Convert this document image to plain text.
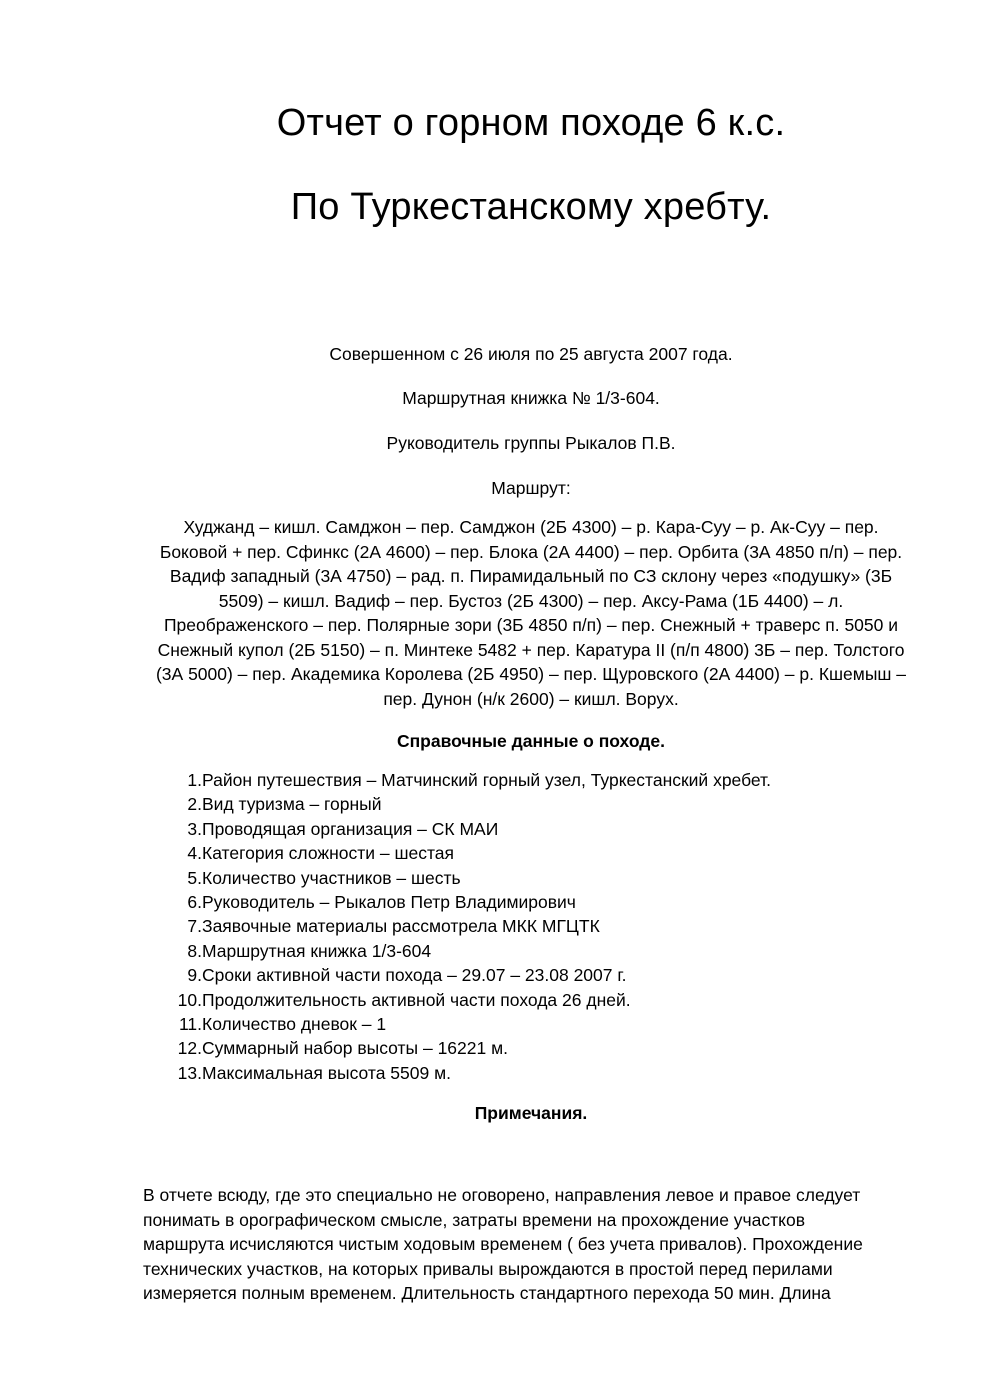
Отчет о горном походе 6 к.с.
По Туркестанскому хребту.
Совершенном с 26 июля по 25 августа 2007 года.
Маршрутная книжка № 1/3-604.
Руководитель группы Рыкалов П.В.
Маршрут:
Худжанд – кишл. Самджон – пер. Самджон (2Б 4300) – р. Кара-Суу – р. Ак-Суу – пер.
Боковой + пер. Сфинкс (2А 4600) – пер. Блока (2А 4400) – пер. Орбита (3А 4850 п/п) – пер.
Вадиф западный (3А 4750) – рад. п. Пирамидальный по СЗ склону через «подушку» (3Б
5509) – кишл. Вадиф – пер. Бустоз (2Б 4300) – пер. Аксу-Рама (1Б 4400) – л.
Преображенского – пер. Полярные зори (3Б 4850 п/п) – пер. Снежный + траверс п. 5050 и
Снежный купол (2Б 5150) – п. Минтеке 5482 + пер. Каратура II (п/п 4800) 3Б – пер. Толстого
(3А 5000) – пер. Академика Королева (2Б 4950) – пер. Щуровского (2А 4400) – р. Кшемыш –
пер. Дунон (н/к 2600) – кишл. Ворух.
Справочные данные о походе.
1. Район путешествия – Матчинский горный узел, Туркестанский хребет.
2. Вид туризма – горный
3. Проводящая организация – СК МАИ
4. Категория сложности – шестая
5. Количество участников – шесть
6. Руководитель – Рыкалов Петр Владимирович
7. Заявочные материалы рассмотрела МКК МГЦТК
8. Маршрутная книжка 1/3-604
9. Сроки активной части похода – 29.07 – 23.08 2007 г.
10. Продолжительность активной части похода 26 дней.
11. Количество дневок – 1
12. Суммарный набор высоты – 16221 м.
13. Максимальная высота 5509 м.
Примечания.
В отчете всюду, где это специально не оговорено, направления левое и правое следует
понимать в орографическом смысле, затраты времени на прохождение участков
маршрута исчисляются чистым ходовым временем ( без учета привалов). Прохождение
технических участков, на которых привалы вырождаются в простой перед перилами
измеряется полным временем. Длительность стандартного перехода 50 мин. Длина
